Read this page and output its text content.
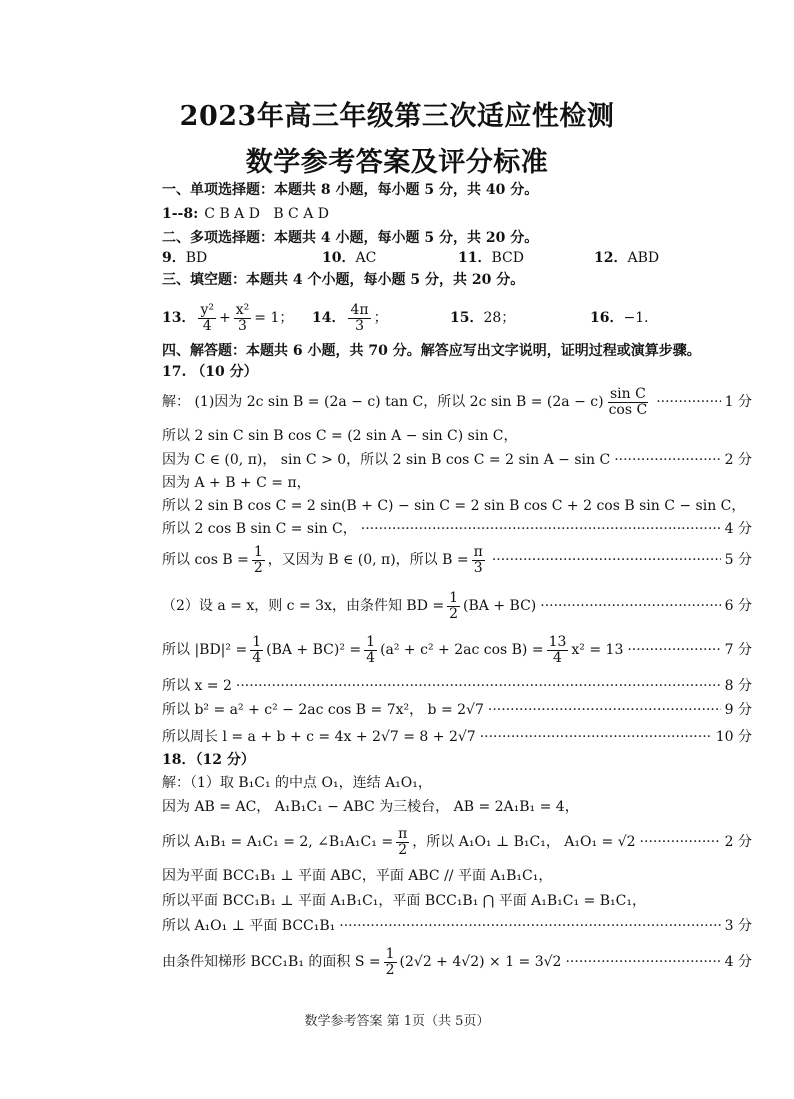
2023年高三年级第三次适应性检测
数学参考答案及评分标准
一、单项选择题：本题共 8 小题，每小题 5 分，共 40 分。
1--8: C B A D   B C A D
二、多项选择题：本题共 4 小题，每小题 5 分，共 20 分。
9．BD	10．AC	11．BCD	12．ABD
三、填空题：本题共 4 个小题，每小题 5 分，共 20 分。
13． $\frac{\text{y²}}{4} + \frac{\text{x²}}{3} = 1$； 14． $\frac{4\pi}{3}$ ；	15．28；	16．−1．
四、解答题：本题共 6 小题，共 70 分。解答应写出文字说明，证明过程或演算步骤。
17. （10 分）
解： (1)因为 2c sin B = (2a − c) tan C，所以 2c $\sin B = (2a - c) \frac{\text{sin C}}{\text{cos C}}$ ·····	1 分
所以 2 sin C sin B cos C = (2 sin A − sin C) sin C，
因为 C ∈ (0, π)， sin C > 0，所以 2 sin B cos C = 2 sin A − sin C ·····	2 分
因为 A + B + C = π，
所以 2 sin B cos C = 2 sin(B + C) − sin C = 2 sin B cos C + 2 cos B sin C − sin C，
所以 2 cos B sin C = sin C， ·····	4 分
所以 $\cos B = \frac{1}{2}$ ，又因为 B ∈ (0, π)，所以 $B = \frac{\pi}{3}$ ·····	5 分
（2）设 a = x，则 c = 3x，由条件知 BD = $\frac{1}{2} (BA + BC)$ ·····	6 分
所以 $|BD|^2 = \frac{1}{4} (BA + BC)^2 = \frac{1}{4} (a^2 + c^2 + 2ac$ $\cos B) = \frac{13}{4} x^2 = 13$ ·····	7 分
所以 x = 2 ·····	8 分
所以 b² = a² + c² − 2ac cos B = 7x²， b = 2√7 ·····	9 分
所以周长 l = a + b + c = 4x + 2√7 = 8 + 2√7 ·····	10 分
18．（12 分）
解：（1）取 B₁C₁ 的中点 O₁，连结 A₁O₁，
因为 AB = AC， A₁B₁C₁ − ABC 为三棱台， AB = 2A₁B₁ = 4，
所以 A₁B₁ = A₁C₁ = 2, ∠B₁A₁C₁ = $\frac{\pi}{2}$ ，所以 A₁O₁ ⊥ B₁C₁， A₁O₁ = √2 ·····	2 分
因为平面 BCC₁B₁ ⊥ 平面 ABC，平面 ABC // 平面 A₁B₁C₁，
所以平面 BCC₁B₁ ⊥ 平面 A₁B₁C₁，平面 BCC₁B₁ ⋂ 平面 A₁B₁C₁ = B₁C₁，
所以 A₁O₁ ⊥ 平面 BCC₁B₁ ·····	3 分
由条件知梯形 BCC₁B₁ 的面积 $S = \frac{1}{2} (2√2 + 4√2) \times 1 = 3√2$ ·····	4 分
数学参考答案 第 1页（共 5页）
